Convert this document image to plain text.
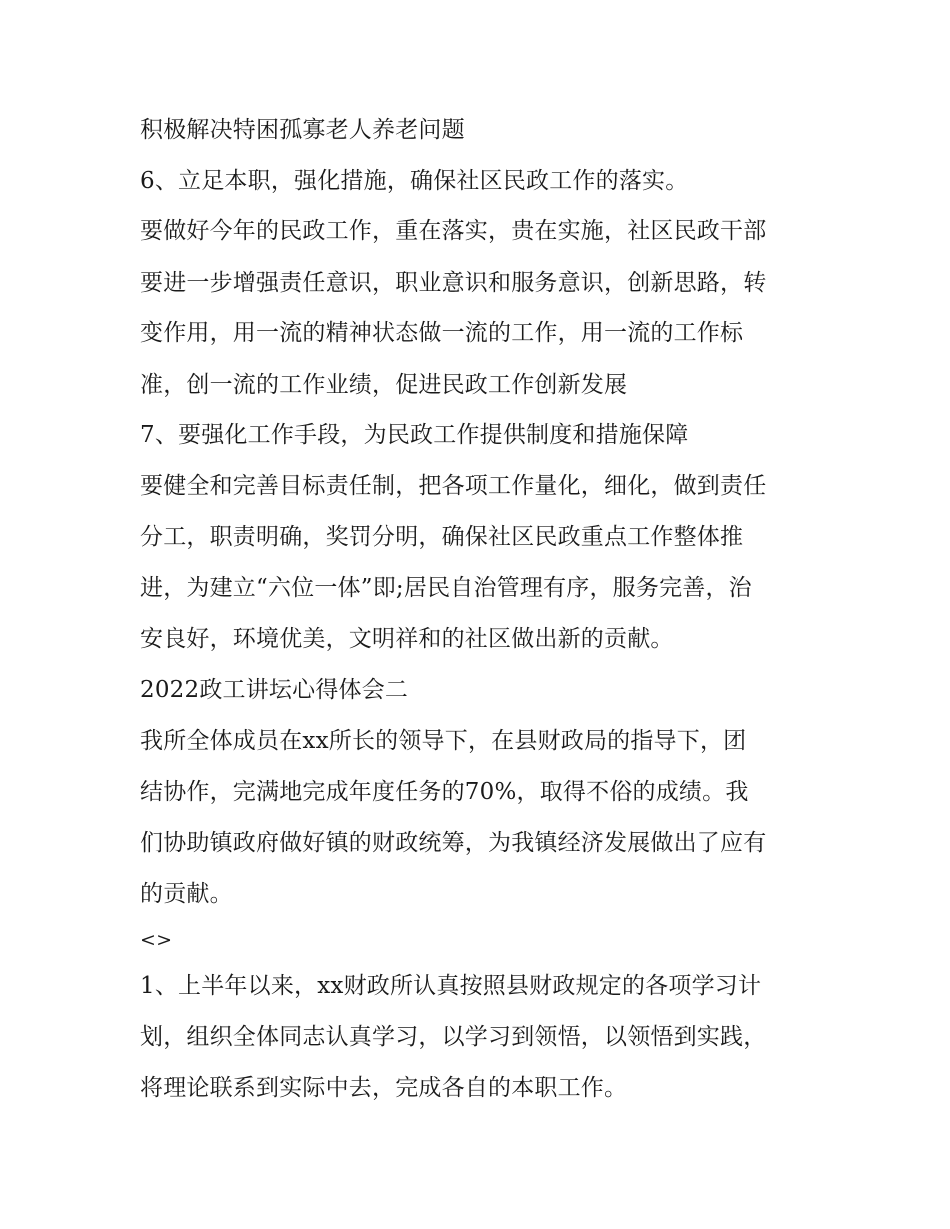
积极解决特困孤寡老人养老问题
6、立足本职，强化措施，确保社区民政工作的落实。
要做好今年的民政工作，重在落实，贵在实施，社区民政干部
要进一步增强责任意识，职业意识和服务意识，创新思路，转
变作用，用一流的精神状态做一流的工作，用一流的工作标
准，创一流的工作业绩，促进民政工作创新发展
7、要强化工作手段，为民政工作提供制度和措施保障
要健全和完善目标责任制，把各项工作量化，细化，做到责任
分工，职责明确，奖罚分明，确保社区民政重点工作整体推
进，为建立“六位一体”即;居民自治管理有序，服务完善，治
安良好，环境优美，文明祥和的社区做出新的贡献。
2022政工讲坛心得体会二
我所全体成员在xx所长的领导下，在县财政局的指导下，团
结协作，完满地完成年度任务的70%，取得不俗的成绩。我
们协助镇政府做好镇的财政统筹，为我镇经济发展做出了应有
的贡献。
<>
1、上半年以来，xx财政所认真按照县财政规定的各项学习计
划，组织全体同志认真学习，以学习到领悟，以领悟到实践，
将理论联系到实际中去，完成各自的本职工作。
